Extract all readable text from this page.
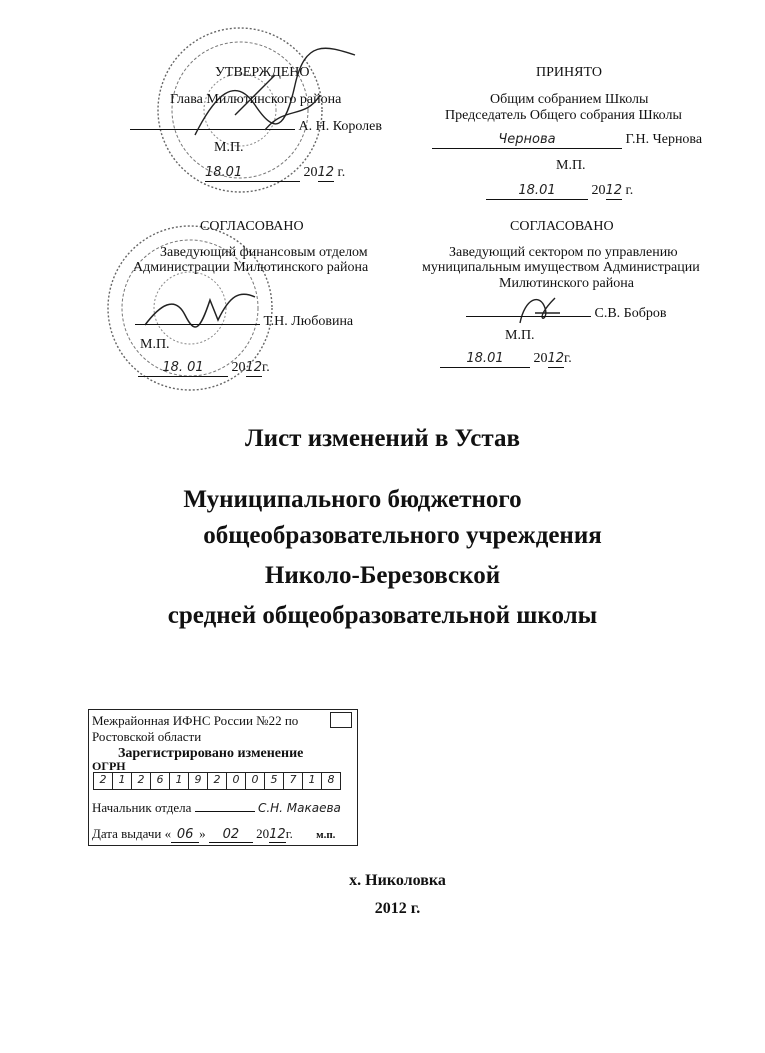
УТВЕРЖДЕНО
Глава Милютинского района
А. Н. Королев
М.П.
18.01	2012 г.
ПРИНЯТО
Общим собранием Школы
Председатель Общего собрания Школы
Чернова	Г.Н. Чернова
М.П.
18.01	2012 г.
СОГЛАСОВАНО
Заведующий финансовым отделом
Администрации Милютинского района
Т.Н. Любовина
М.П.
18. 01 2012г.
СОГЛАСОВАНО
Заведующий сектором по управлению
муниципальным имуществом Администрации
Милютинского района
С.В. Бобров
М.П.
18.01 2012г.
Лист изменений в Устав
Муниципального бюджетного
общеобразовательного учреждения
Николо-Березовской
средней общеобразовательной школы
Межрайонная ИФНС России №22 по
Ростовской области
Зарегистрировано изменение
ОГРН
2	1	2	6	1	9	2	0	0	5	7	1	8
Начальник отдела	С.Н. Макаева
Дата выдачи « 06 » 02 2012г. м.п.
х. Николовка
2012 г.
